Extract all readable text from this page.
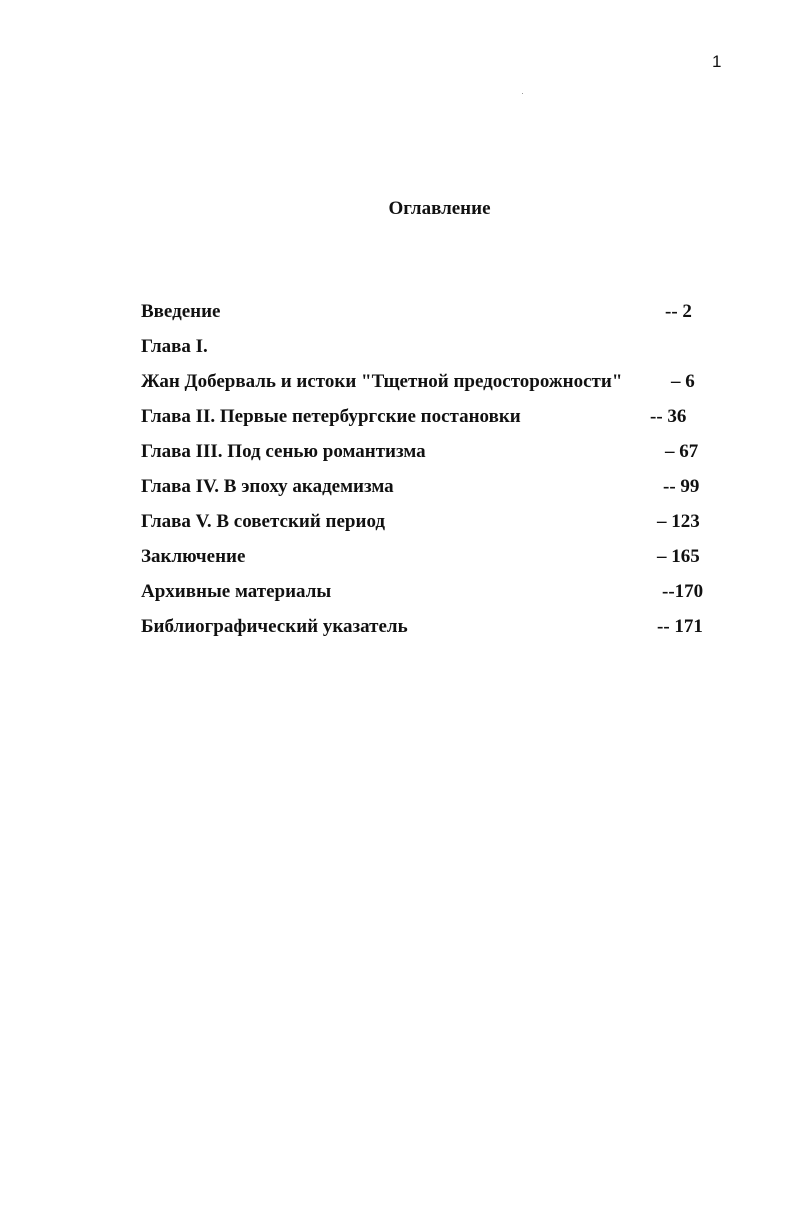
1
Оглавление
Введение	-- 2
Глава I.
Жан Доберваль и истоки "Тщетной предосторожности"	– 6
Глава II. Первые петербургские постановки	-- 36
Глава III. Под сенью романтизма	– 67
Глава IV. В эпоху академизма	-- 99
Глава V. В советский период	– 123
Заключение	– 165
Архивные материалы	--170
Библиографический указатель	-- 171
